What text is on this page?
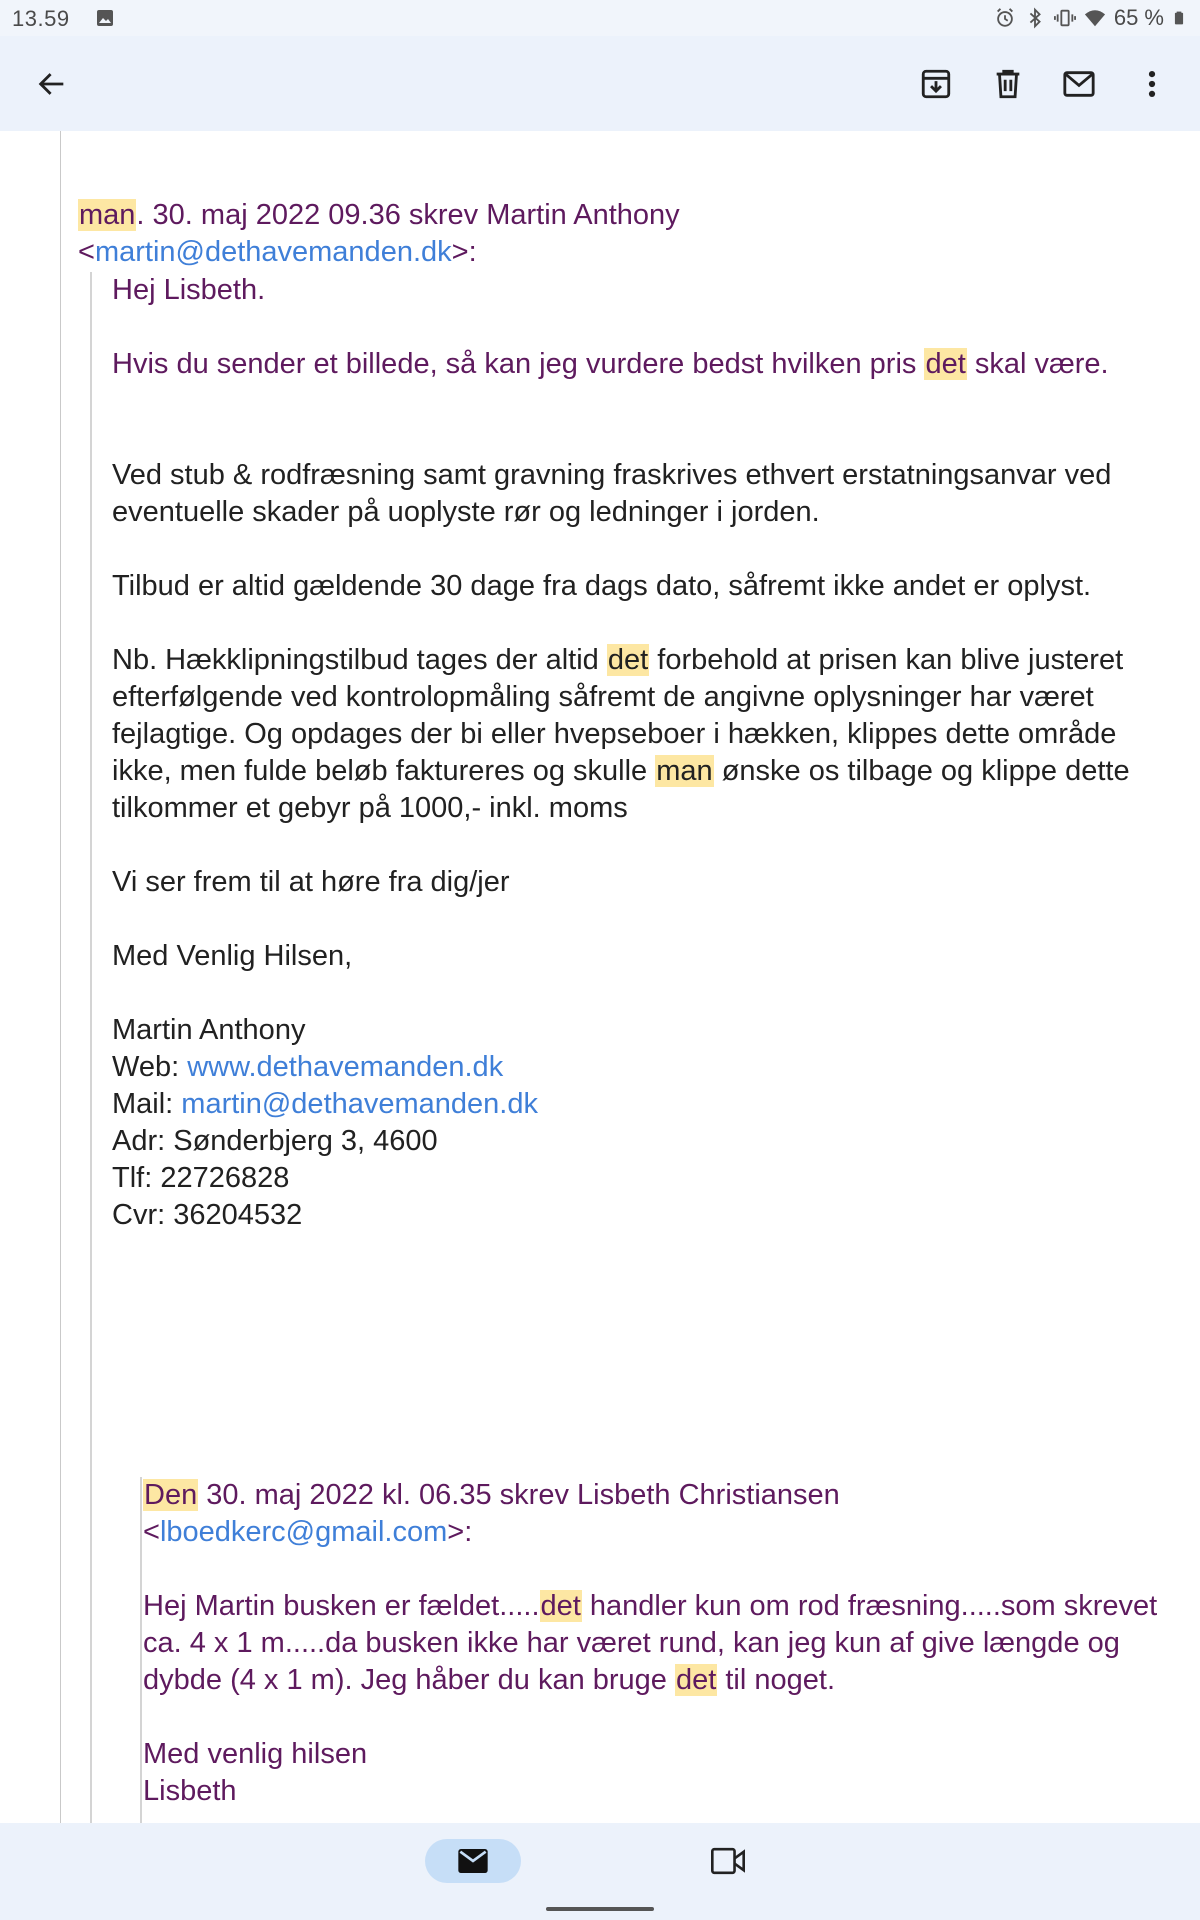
13.59	65 %
man. 30. maj 2022 09.36 skrev Martin Anthony
<martin@dethavemanden.dk>:
Hej Lisbeth.
Hvis du sender et billede, så kan jeg vurdere bedst hvilken pris det skal være.
Ved stub & rodfræsning samt gravning fraskrives ethvert erstatningsanvar ved eventuelle skader på uoplyste rør og ledninger i jorden.
Tilbud er altid gældende 30 dage fra dags dato, såfremt ikke andet er oplyst.
Nb. Hækklipningstilbud tages der altid det forbehold at prisen kan blive justeret efterfølgende ved kontrolopmåling såfremt de angivne oplysninger har været fejlagtige. Og opdages der bi eller hvepseboer i hækken, klippes dette område ikke, men fulde beløb faktureres og skulle man ønske os tilbage og klippe dette tilkommer et gebyr på 1000,- inkl. moms
Vi ser frem til at høre fra dig/jer
Med Venlig Hilsen,
Martin Anthony
Web: www.dethavemanden.dk
Mail: martin@dethavemanden.dk
Adr: Sønderbjerg 3, 4600
Tlf: 22726828
Cvr: 36204532
Den 30. maj 2022 kl. 06.35 skrev Lisbeth Christiansen
<lboedkerc@gmail.com>:
Hej Martin busken er fældet.....det handler kun om rod fræsning.....som skrevet ca. 4 x 1 m.....da busken ikke har været rund, kan jeg kun af give længde og dybde (4 x 1 m). Jeg håber du kan bruge det til noget.
Med venlig hilsen
Lisbeth
